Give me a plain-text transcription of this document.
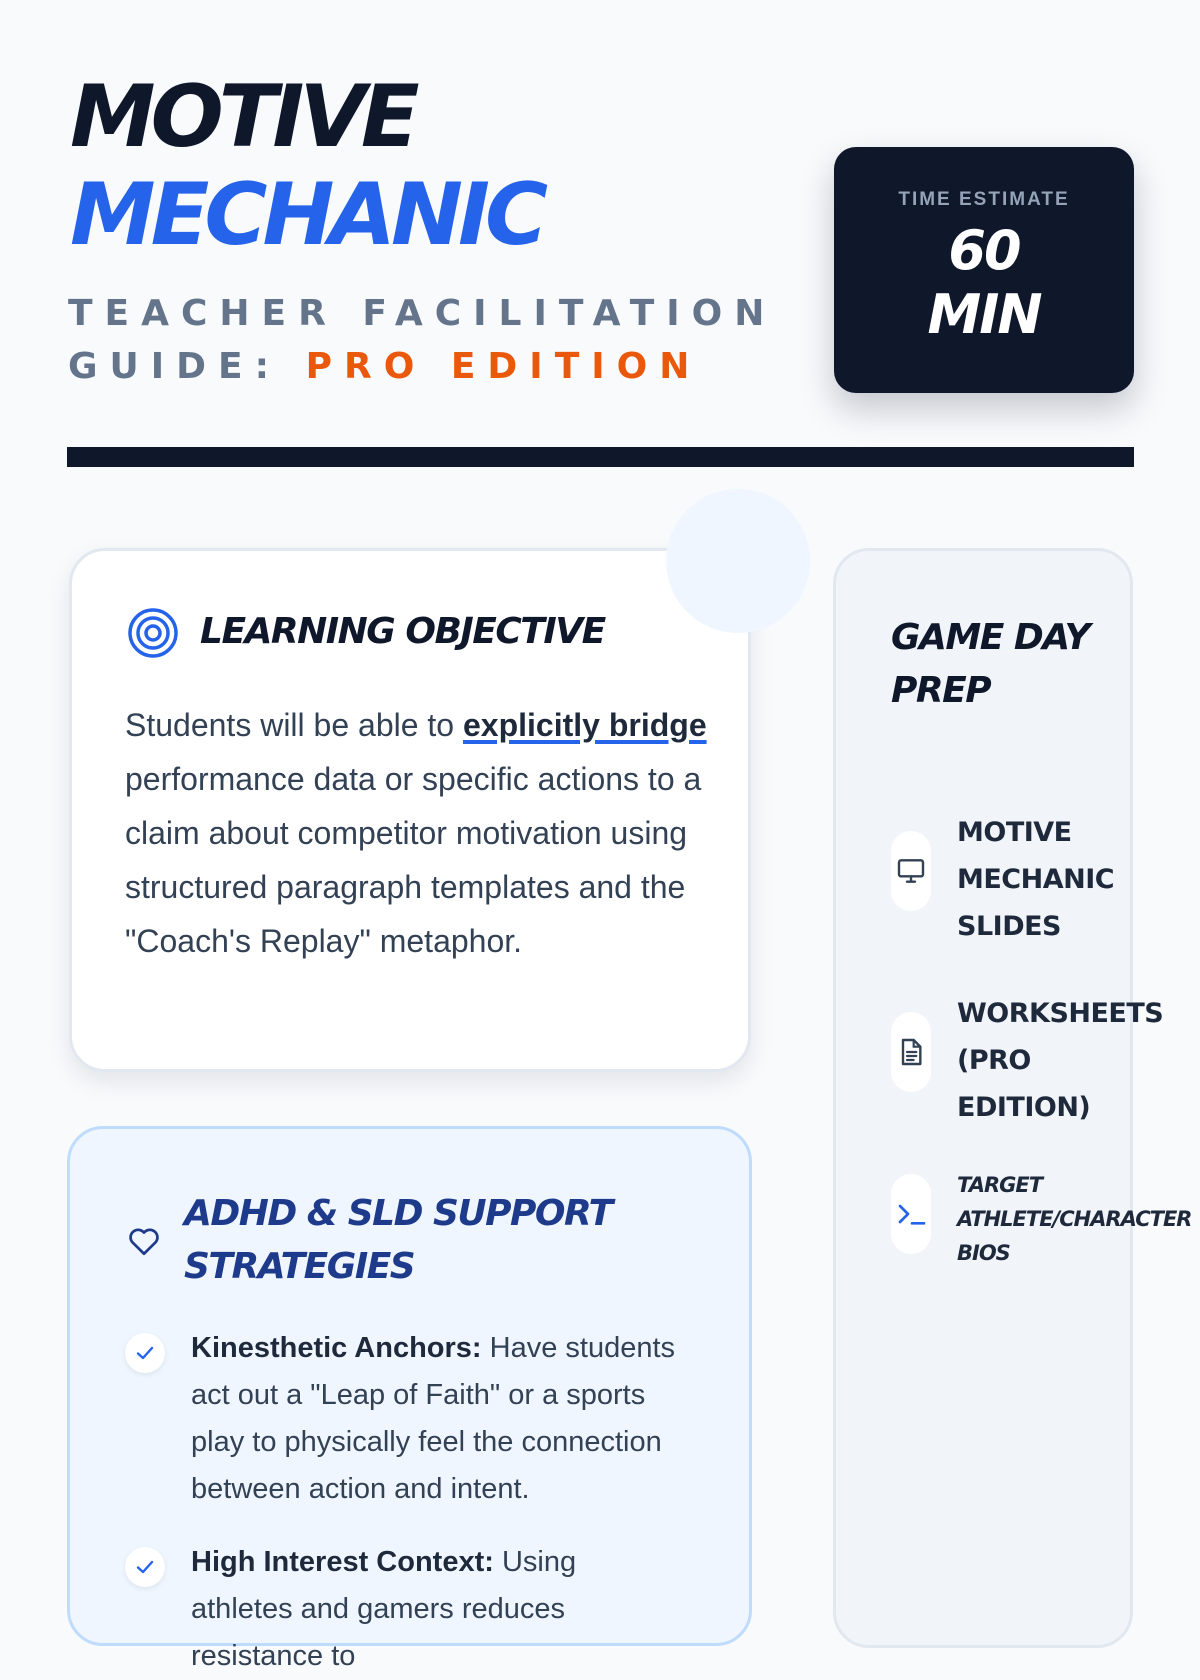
MOTIVE
MECHANIC
TEACHER FACILITATION GUIDE: PRO EDITION
TIME ESTIMATE
60
MIN
LEARNING OBJECTIVE
Students will be able to explicitly bridge performance data or specific actions to a claim about competitor motivation using structured paragraph templates and the "Coach's Replay" metaphor.
ADHD & SLD SUPPORT STRATEGIES
Kinesthetic Anchors: Have students act out a "Leap of Faith" or a sports play to physically feel the connection between action and intent.
High Interest Context: Using athletes and gamers reduces resistance to
GAME DAY PREP
MOTIVE MECHANIC SLIDES
WORKSHEETS (PRO EDITION)
TARGET ATHLETE/CHARACTER BIOS
